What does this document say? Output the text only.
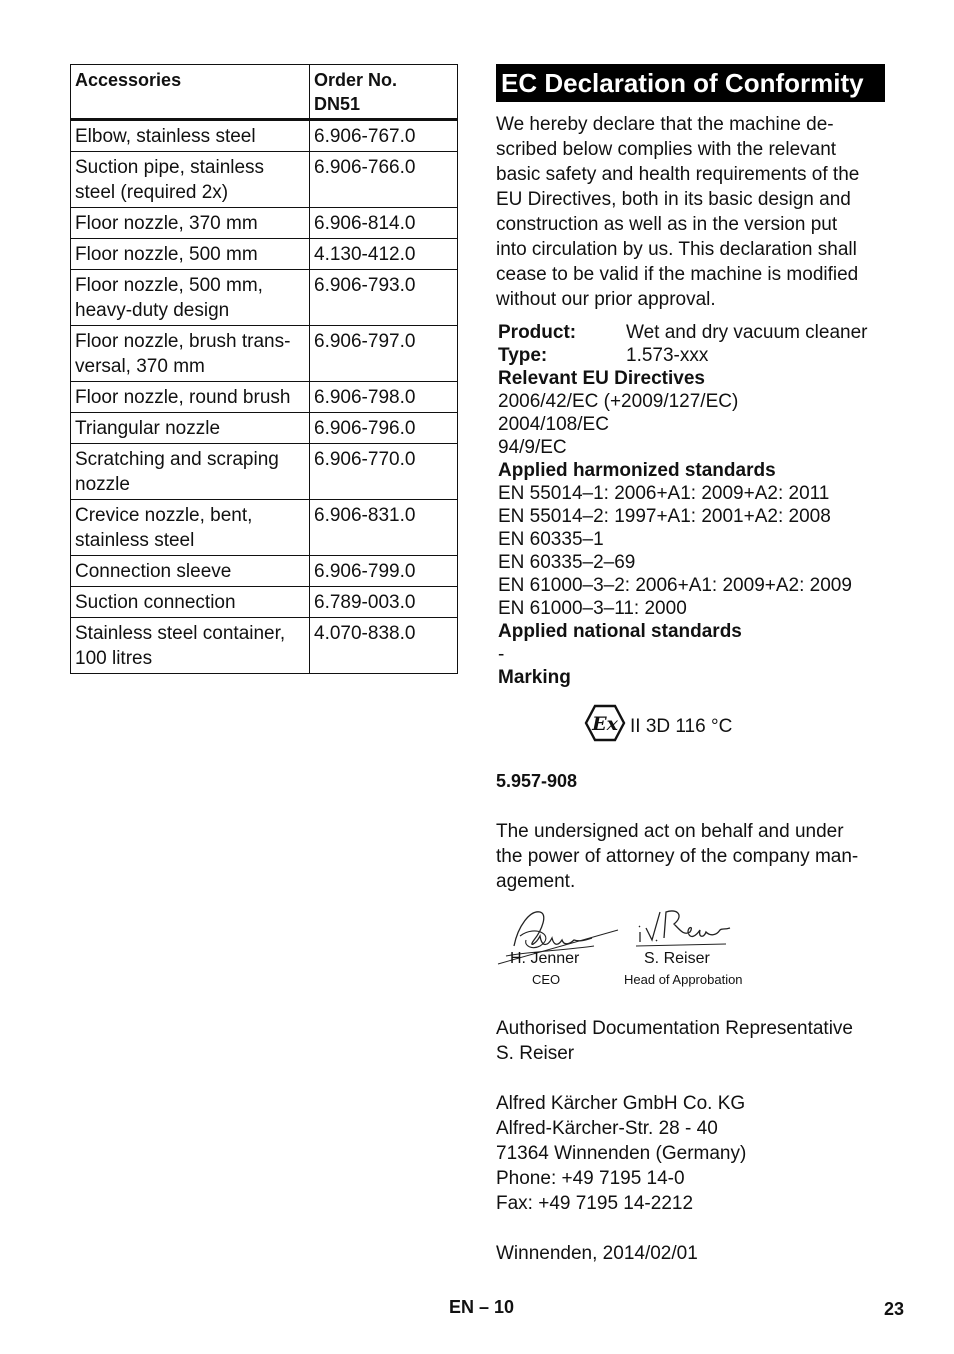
Accessories	Order No.
DN51
Elbow, stainless steel	6.906-767.0
Suction pipe, stainless
steel (required 2x)	6.906-766.0
Floor nozzle, 370 mm	6.906-814.0
Floor nozzle, 500 mm	4.130-412.0
Floor nozzle, 500 mm,
heavy-duty design	6.906-793.0
Floor nozzle, brush trans-
versal, 370 mm	6.906-797.0
Floor nozzle, round brush	6.906-798.0
Triangular nozzle	6.906-796.0
Scratching and scraping
nozzle	6.906-770.0
Crevice nozzle, bent,
stainless steel	6.906-831.0
Connection sleeve	6.906-799.0
Suction connection	6.789-003.0
Stainless steel container,
100 litres	4.070-838.0
EC Declaration of Conformity
We hereby declare that the machine de-
scribed below complies with the relevant
basic safety and health requirements of the
EU Directives, both in its basic design and
construction as well as in the version put
into circulation by us. This declaration shall
cease to be valid if the machine is modified
without our prior approval.
Product:	Wet and dry vacuum cleaner
Type:	1.573-xxx
Relevant EU Directives
2006/42/EC (+2009/127/EC)
2004/108/EC
94/9/EC
Applied harmonized standards
EN 55014–1: 2006+A1: 2009+A2: 2011
EN 55014–2: 1997+A1: 2001+A2: 2008
EN 60335–1
EN 60335–2–69
EN 61000–3–2: 2006+A1: 2009+A2: 2009
EN 61000–3–11: 2000
Applied national standards
-
Marking
Ex II 3D 116 °C
5.957-908
The undersigned act on behalf and under
the power of attorney of the company man-
agement.
H. Jenner
CEO
S. Reiser
Head of Approbation
Authorised Documentation Representative
S. Reiser
Alfred Kärcher GmbH Co. KG
Alfred-Kärcher-Str. 28 - 40
71364 Winnenden (Germany)
Phone: +49 7195 14-0
Fax: +49 7195 14-2212
Winnenden, 2014/02/01
EN – 10	23
